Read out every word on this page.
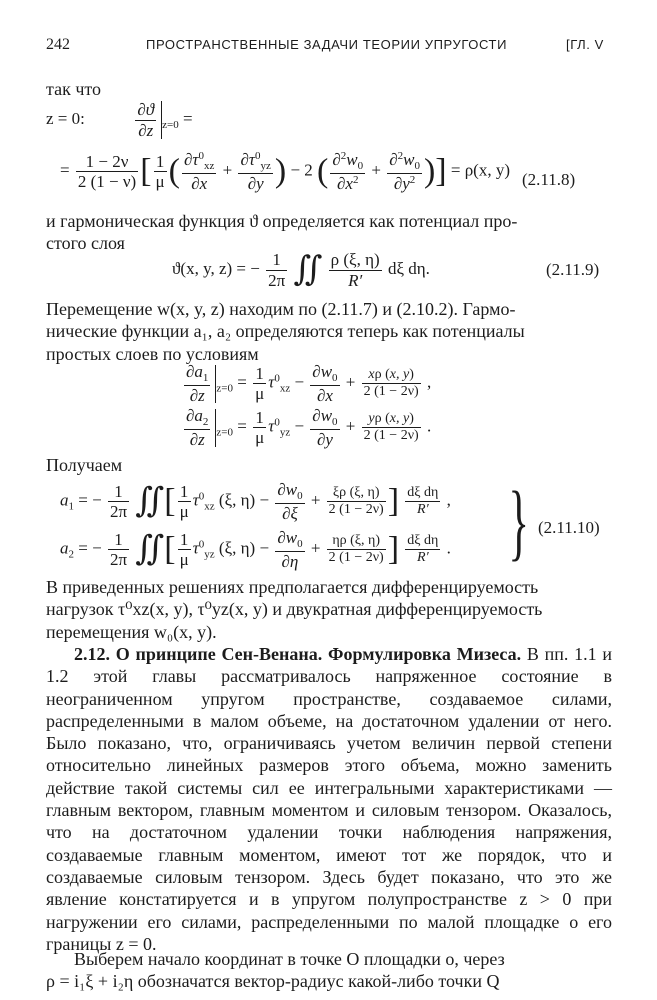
242	ПРОСТРАНСТВЕННЫЕ ЗАДАЧИ ТЕОРИИ УПРУГОСТИ	[ГЛ. V

так что

z = 0:	$\frac{\partial ϑ}{\partial z} _{z=0}$ =
= $\frac{1 - 2\nu}{2 (1 - \nu)}$ [ $\frac{1}{\mu}$ ( $\frac{\partial\tau^0_{xz}}{\partial x} + \frac{\partial\tau^0_{yz}}{\partial y}$ ) − 2 ( $\frac{\partial^2w_0}{\partial x^2} + \frac{\partial^2w_0}{\partial y^2}$ )] = ρ(x, y) (2.11.8)

и гармоническая функция ϑ определяется как потенциал про-

стого слоя

ϑ(x, y, z) = − $\frac{1}{2\pi}$ ∬ $\frac{\rho (\xi, \eta)}{R'}$ dξ dη.	(2.11.9)

Перемещение w(x, y, z) находим по (2.11.7) и (2.10.2). Гармо-

нические функции a₁, a₂ определяются теперь как потенциалы

простых слоев по условиям

$\frac{\partial a_1}{\partial z} _{z=0} = \frac{1}{\mu} \tau^0_{xz} - \frac{\partial w_0}{\partial x} + \frac{x\rho (x, y)}{2 (1 - 2\nu)}$ ,
$\frac{\partial a_2}{\partial z} _{z=0} = \frac{1}{\mu} \tau^0_{yz} - \frac{\partial w_0}{\partial y} + \frac{y\rho (x, y)}{2 (1 - 2\nu)}$ .

Получаем

$a_1$ = − $\frac{1}{2\pi}$ ∬[ $\frac{1}{\mu} \tau^0_{xz}$ (ξ, $\eta) - \frac{\partial w_0}{\partial\xi} + \frac{\xi\rho (\xi, \eta)}{2 (1 - 2\nu)}$ ] $\frac{\text{dξ dη}}{R'}$ ,
$a_2$ = − $\frac{1}{2\pi}$ ∬[ $\frac{1}{\mu} \tau^0_{yz}$ (ξ, $\eta) - \frac{\partial w_0}{\partial\eta} + \frac{\eta\rho (\xi, \eta)}{2 (1 - 2\nu)}$ ] $\frac{\text{dξ dη}}{R'}$ . } (2.11.10)

В приведенных решениях предполагается дифференцируемость

нагрузок τ⁰xz(x, y), τ⁰yz(x, y) и двукратная дифференцируемость

перемещения w₀(x, y).

2.12. О принципе Сен-Венана. Формулировка Мизеса. В пп. 1.1 и 1.2 этой главы рассматривалось напряженное состояние в неограниченном упругом пространстве, создаваемое силами, распределенными в малом объеме, на достаточном удалении от него. Было показано, что, ограничиваясь учетом величин первой степени относительно линейных размеров этого объема, можно заменить действие такой системы сил ее интегральными характеристиками — главным вектором, главным моментом и силовым тензором. Оказалось, что на достаточном удалении точки наблюдения напряжения, создаваемые главным моментом, имеют тот же порядок, что и создаваемые силовым тензором. Здесь будет показано, что это же явление констатируется и в упругом полупространстве z > 0 при нагружении его силами, распределенными по малой площадке o его границы z = 0.

Выберем начало координат в точке O площадки o, через

ρ = i₁ξ + i₂η обозначатся вектор-радиус какой-либо точки Q
